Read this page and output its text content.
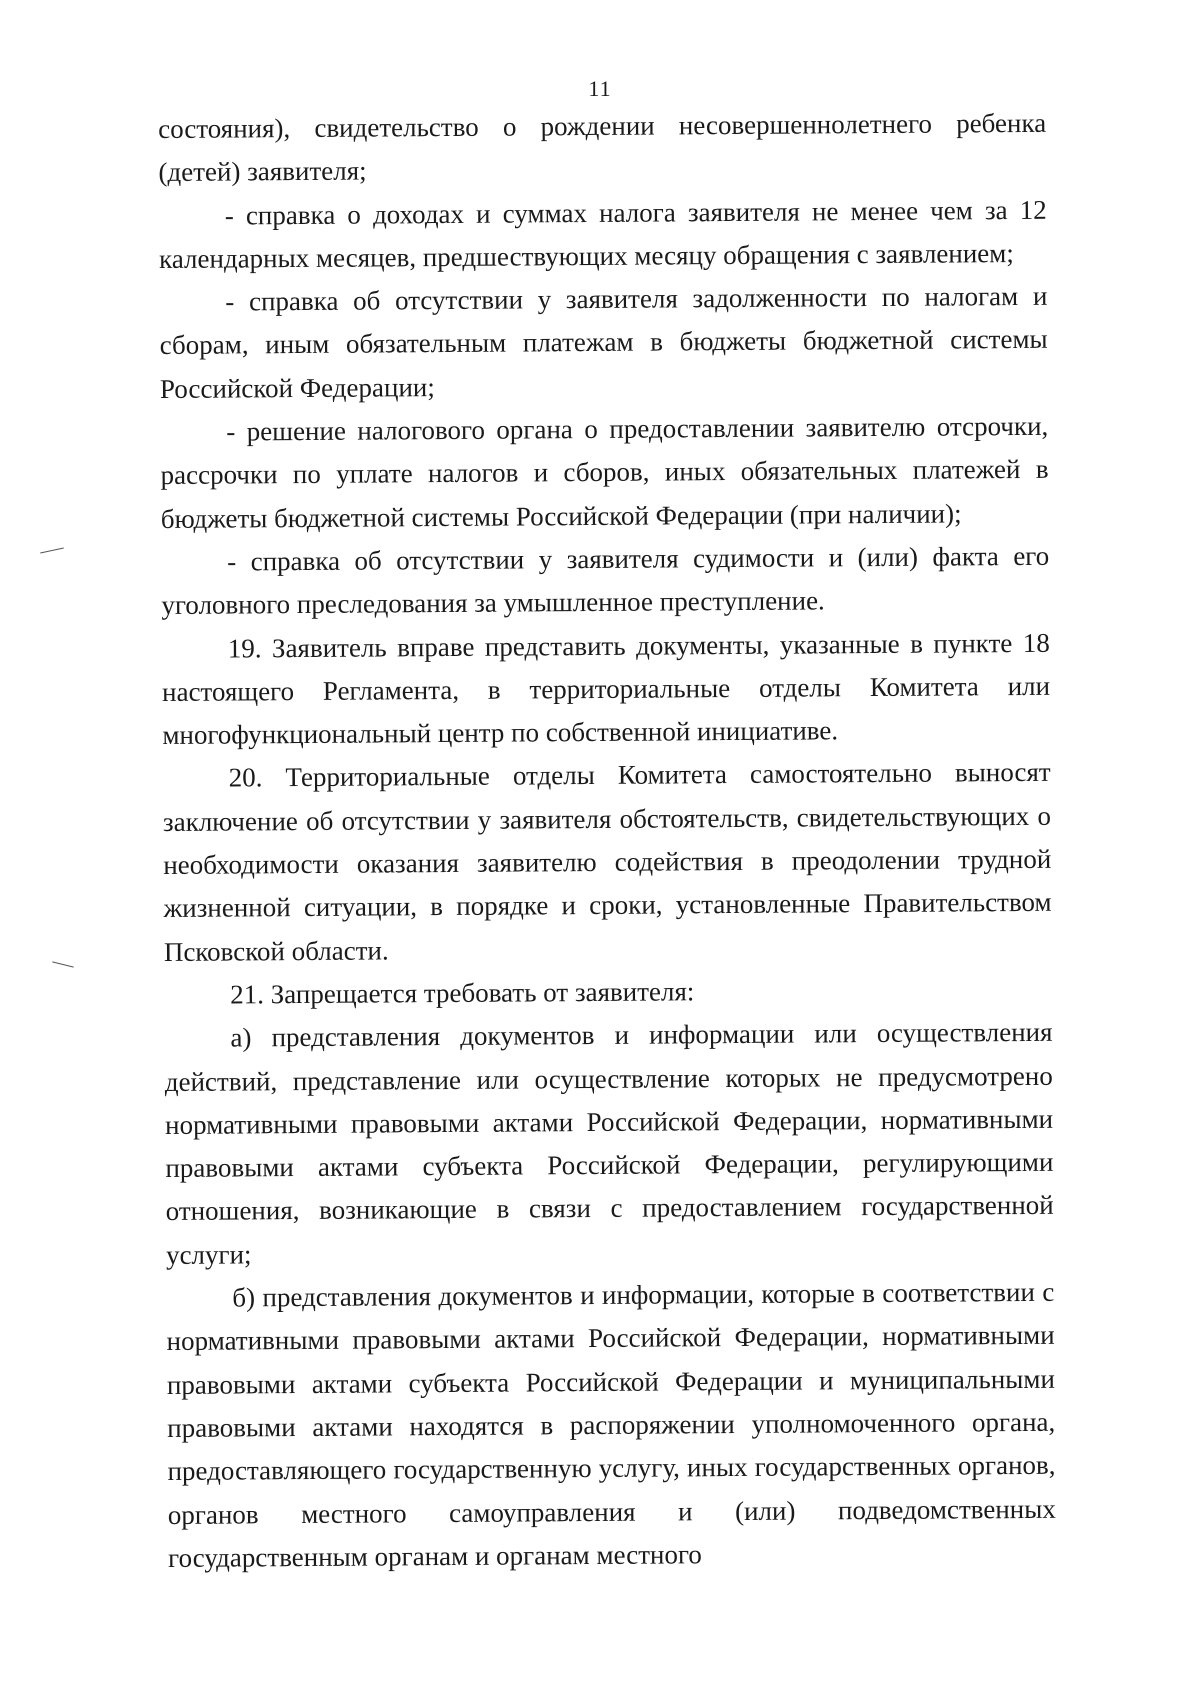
11

состояния), свидетельство о рождении несовершеннолетнего ребенка (детей) заявителя;

- справка о доходах и суммах налога заявителя не менее чем за 12 календарных месяцев, предшествующих месяцу обращения с заявлением;

- справка об отсутствии у заявителя задолженности по налогам и сборам, иным обязательным платежам в бюджеты бюджетной системы Российской Федерации;

- решение налогового органа о предоставлении заявителю отсрочки, рассрочки по уплате налогов и сборов, иных обязательных платежей в бюджеты бюджетной системы Российской Федерации (при наличии);

- справка об отсутствии у заявителя судимости и (или) факта его уголовного преследования за умышленное преступление.

19. Заявитель вправе представить документы, указанные в пункте 18 настоящего Регламента, в территориальные отделы Комитета или многофункциональный центр по собственной инициативе.

20. Территориальные отделы Комитета самостоятельно выносят заключение об отсутствии у заявителя обстоятельств, свидетельствующих о необходимости оказания заявителю содействия в преодолении трудной жизненной ситуации, в порядке и сроки, установленные Правительством Псковской области.

21. Запрещается требовать от заявителя:

а) представления документов и информации или осуществления действий, представление или осуществление которых не предусмотрено нормативными правовыми актами Российской Федерации, нормативными правовыми актами субъекта Российской Федерации, регулирующими отношения, возникающие в связи с предоставлением государственной услуги;

б) представления документов и информации, которые в соответствии с нормативными правовыми актами Российской Федерации, нормативными правовыми актами субъекта Российской Федерации и муниципальными правовыми актами находятся в распоряжении уполномоченного органа, предоставляющего государственную услугу, иных государственных органов, органов местного самоуправления и (или) подведомственных государственным органам и органам местного
